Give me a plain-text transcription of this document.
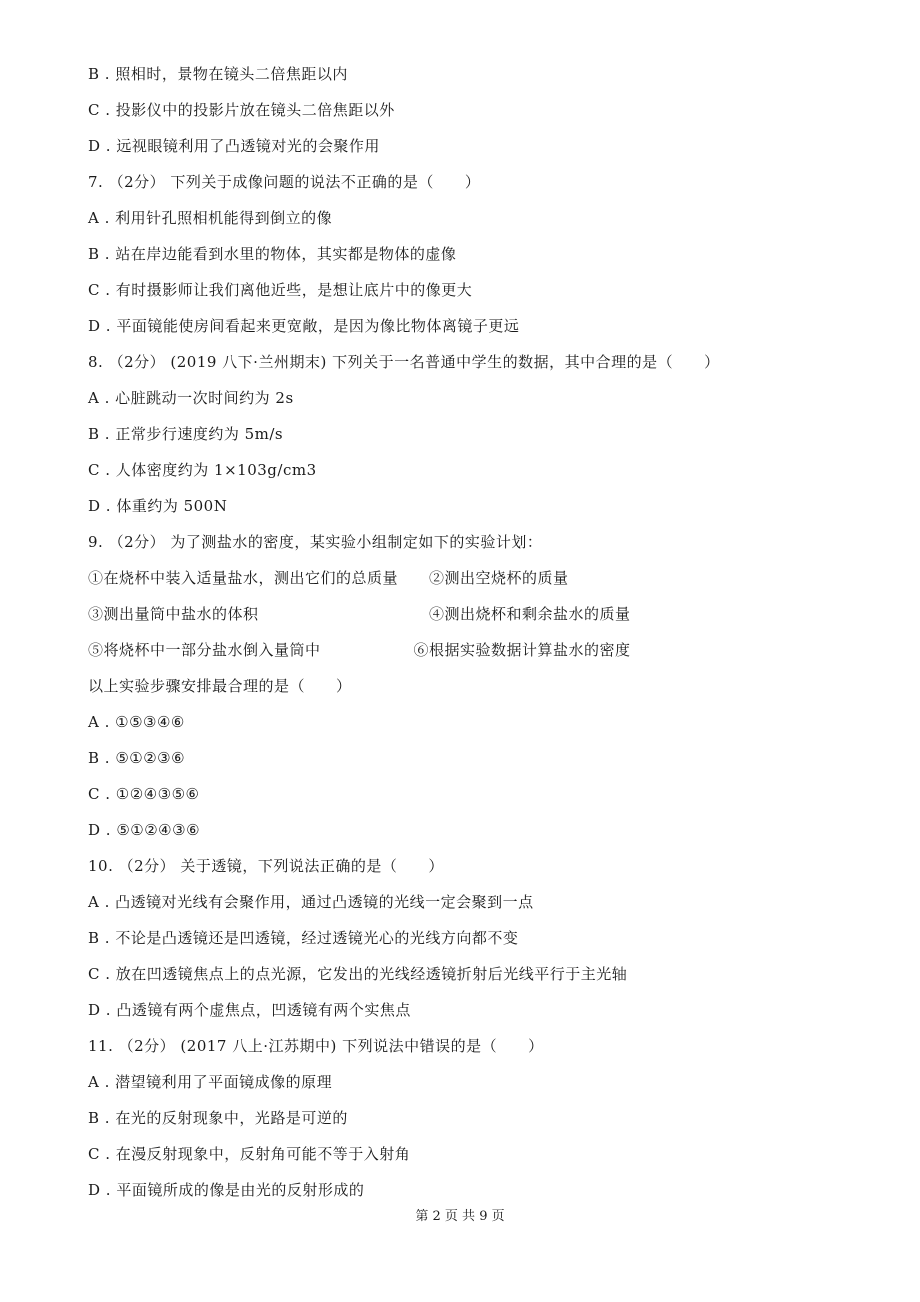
B . 照相时，景物在镜头二倍焦距以内
C . 投影仪中的投影片放在镜头二倍焦距以外
D . 远视眼镜利用了凸透镜对光的会聚作用
7. （2分） 下列关于成像问题的说法不正确的是（　　）
A . 利用针孔照相机能得到倒立的像
B . 站在岸边能看到水里的物体，其实都是物体的虚像
C . 有时摄影师让我们离他近些，是想让底片中的像更大
D . 平面镜能使房间看起来更宽敞，是因为像比物体离镜子更远
8. （2分） (2019 八下·兰州期末) 下列关于一名普通中学生的数据，其中合理的是（　　）
A . 心脏跳动一次时间约为 2s
B . 正常步行速度约为 5m/s
C . 人体密度约为 1×103g/cm3
D . 体重约为 500N
9. （2分） 为了测盐水的密度，某实验小组制定如下的实验计划：
①在烧杯中装入适量盐水，测出它们的总质量　　②测出空烧杯的质量
③测出量筒中盐水的体积　　　　　　　　　　　④测出烧杯和剩余盐水的质量
⑤将烧杯中一部分盐水倒入量筒中　　　　　　⑥根据实验数据计算盐水的密度
以上实验步骤安排最合理的是（　　）
A . ①⑤③④⑥
B . ⑤①②③⑥
C . ①②④③⑤⑥
D . ⑤①②④③⑥
10. （2分） 关于透镜，下列说法正确的是（　　）
A . 凸透镜对光线有会聚作用，通过凸透镜的光线一定会聚到一点
B . 不论是凸透镜还是凹透镜，经过透镜光心的光线方向都不变
C . 放在凹透镜焦点上的点光源，它发出的光线经透镜折射后光线平行于主光轴
D . 凸透镜有两个虚焦点，凹透镜有两个实焦点
11. （2分） (2017 八上·江苏期中) 下列说法中错误的是（　　）
A . 潜望镜利用了平面镜成像的原理
B . 在光的反射现象中，光路是可逆的
C . 在漫反射现象中，反射角可能不等于入射角
D . 平面镜所成的像是由光的反射形成的
第 2 页 共 9 页
